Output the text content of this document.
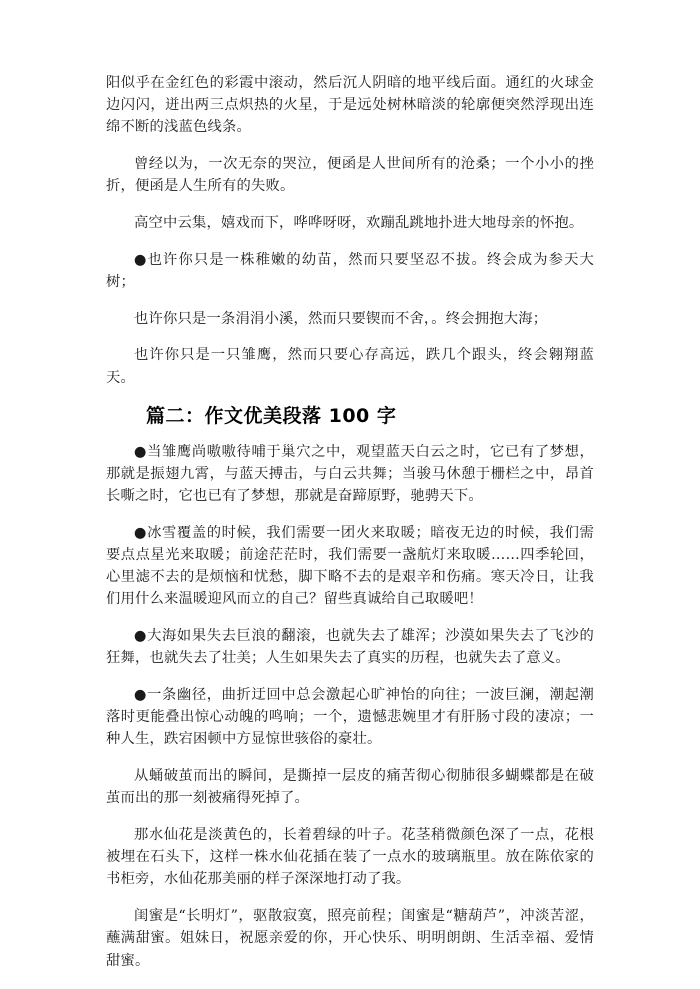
阳似乎在金红色的彩霞中滚动，然后沉人阴暗的地平线后面。通红的火球金边闪闪，迸出两三点炽热的火星，于是远处树林暗淡的轮廓便突然浮现出连绵不断的浅蓝色线条。

曾经以为，一次无奈的哭泣，便函是人世间所有的沧桑；一个小小的挫折，便函是人生所有的失败。

高空中云集，嬉戏而下，哗哗呀呀，欢蹦乱跳地扑进大地母亲的怀抱。

●也许你只是一株稚嫩的幼苗，然而只要坚忍不拔。终会成为参天大树；

也许你只是一条涓涓小溪，然而只要锲而不舍，。终会拥抱大海；

也许你只是一只雏鹰，然而只要心存高远，跌几个跟头，终会翱翔蓝天。

篇二：作文优美段落 100 字

●当雏鹰尚嗷嗷待哺于巢穴之中，观望蓝天白云之时，它已有了梦想，那就是振翅九霄，与蓝天搏击，与白云共舞；当骏马休憩于栅栏之中，昂首长嘶之时，它也已有了梦想，那就是奋蹄原野，驰骋天下。

●冰雪覆盖的时候，我们需要一团火来取暖；暗夜无边的时候，我们需要点点星光来取暖；前途茫茫时，我们需要一盏航灯来取暖……四季轮回，心里滤不去的是烦恼和忧愁，脚下略不去的是艰辛和伤痛。寒天冷日，让我们用什么来温暖迎风而立的自己？留些真诚给自己取暖吧！

●大海如果失去巨浪的翻滚，也就失去了雄浑；沙漠如果失去了飞沙的狂舞，也就失去了壮美；人生如果失去了真实的历程，也就失去了意义。

●一条幽径，曲折迂回中总会激起心旷神怡的向往；一波巨澜，潮起潮落时更能叠出惊心动魄的鸣响；一个，遗憾悲婉里才有肝肠寸段的凄凉；一种人生，跌宕困顿中方显惊世骇俗的豪壮。

从蛹破茧而出的瞬间，是撕掉一层皮的痛苦彻心彻肺很多蝴蝶都是在破茧而出的那一刻被痛得死掉了。

那水仙花是淡黄色的，长着碧绿的叶子。花茎稍微颜色深了一点，花根被埋在石头下，这样一株水仙花插在装了一点水的玻璃瓶里。放在陈依家的书柜旁，水仙花那美丽的样子深深地打动了我。

闺蜜是“长明灯”，驱散寂寞，照亮前程；闺蜜是“糖葫芦”，冲淡苦涩，蘸满甜蜜。姐妹日，祝愿亲爱的你，开心快乐、明明朗朗、生活幸福、爱情甜蜜。
